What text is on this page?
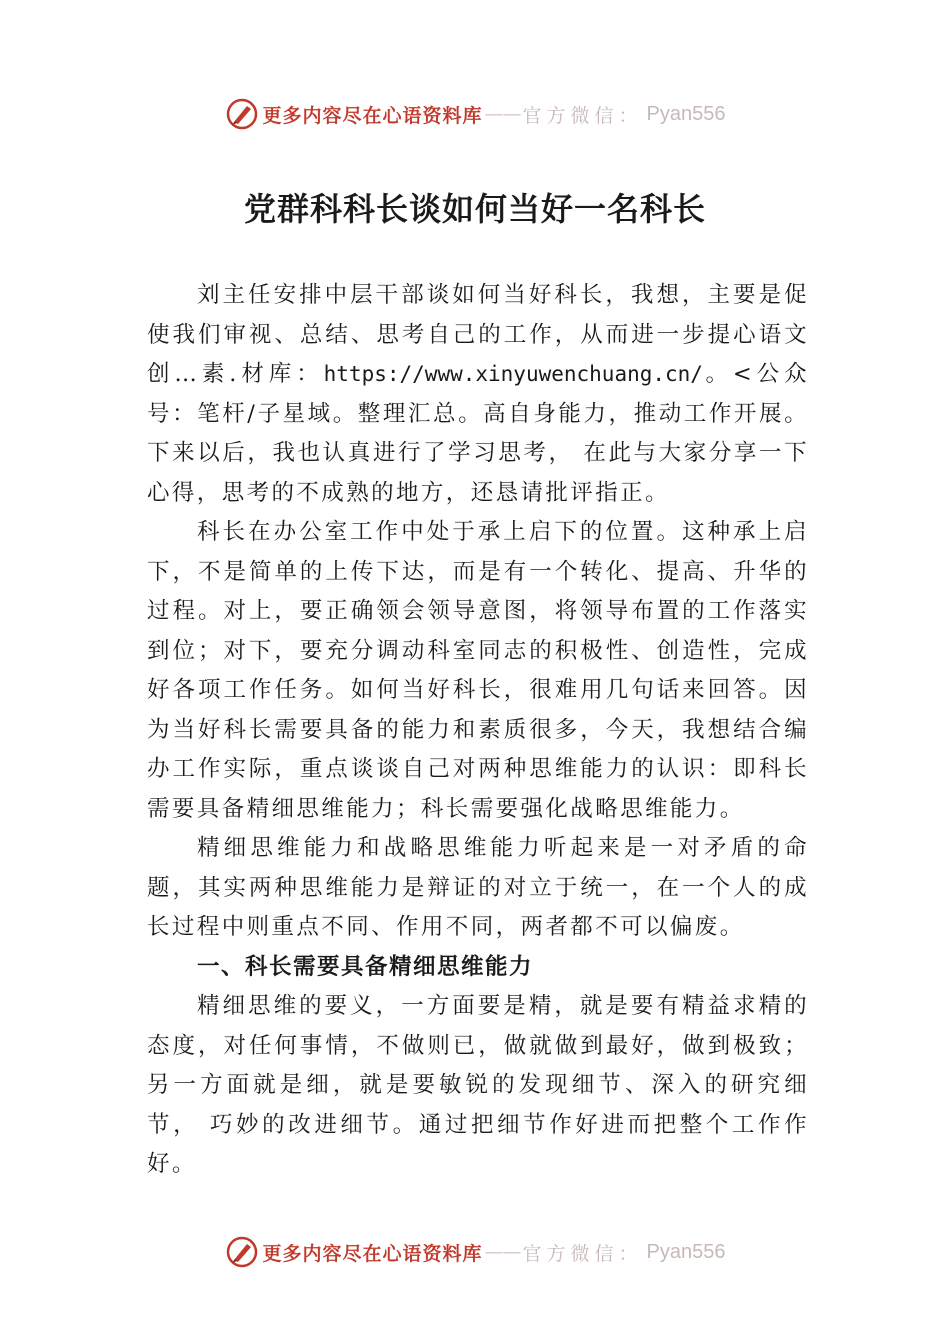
更多内容尽在心语资料库 —— 官方微信： Pyan556
党群科科长谈如何当好一名科长

刘主任安排中层干部谈如何当好科长，我想，主要是促使我们审视、总结、思考自己的工作，从而进一步提心语文创…素.材库：https://www.xinyuwenchuang.cn/。<公众号：笔杆/子星域。整理汇总。高自身能力，推动工作开展。下来以后，我也认真进行了学习思考， 在此与大家分享一下心得，思考的不成熟的地方，还恳请批评指正。

科长在办公室工作中处于承上启下的位置。这种承上启下，不是简单的上传下达，而是有一个转化、提高、升华的过程。对上，要正确领会领导意图，将领导布置的工作落实到位；对下，要充分调动科室同志的积极性、创造性，完成好各项工作任务。如何当好科长，很难用几句话来回答。因为当好科长需要具备的能力和素质很多，今天，我想结合编办工作实际，重点谈谈自己对两种思维能力的认识：即科长需要具备精细思维能力；科长需要强化战略思维能力。

精细思维能力和战略思维能力听起来是一对矛盾的命题，其实两种思维能力是辩证的对立于统一，在一个人的成长过程中则重点不同、作用不同，两者都不可以偏废。

一、科长需要具备精细思维能力

精细思维的要义，一方面要是精，就是要有精益求精的态度，对任何事情，不做则已，做就做到最好，做到极致； 另一方面就是细，就是要敏锐的发现细节、深入的研究细节， 巧妙的改进细节。通过把细节作好进而把整个工作作好。

更多内容尽在心语资料库 —— 官方微信： Pyan556
